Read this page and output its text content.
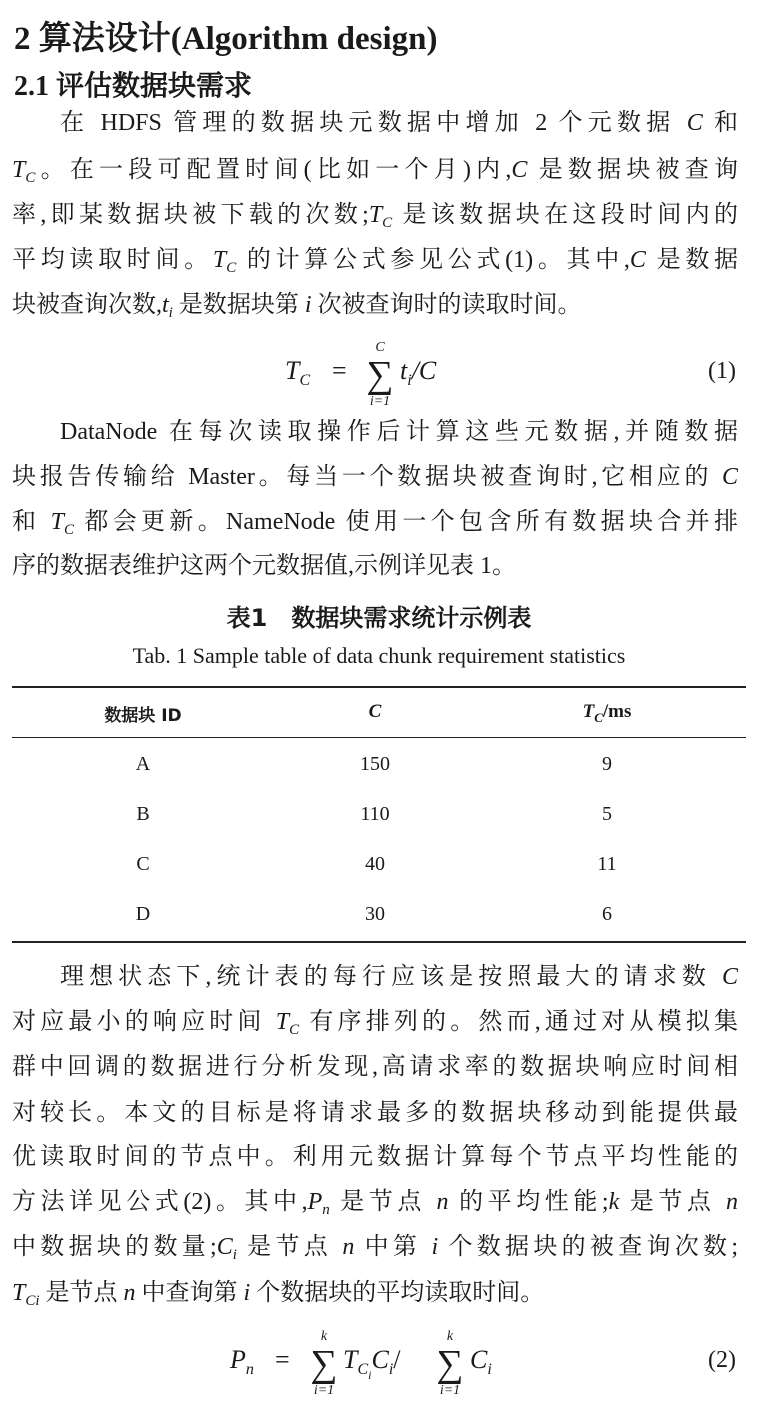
2 算法设计(Algorithm design)
2.1 评估数据块需求
在 HDFS 管理的数据块元数据中增加 2 个元数据 C 和
$T_C$。在一段可配置时间(比如一个月)内,C 是数据块被查询
率,即某数据块被下载的次数$;T_C$ 是该数据块在这段时间内的
平均读取时间。$T_C$ 的计算公式参见公式(1)。其中,C 是数据
块被查询次数$,t_i$ 是数据块第 i 次被查询时的读取时间。
$T_C$ =
C
∑
i=1
$t_i/C$	(1)
DataNode 在每次读取操作后计算这些元数据,并随数据
块报告传输给 Master。每当一个数据块被查询时,它相应的 C
和 $T_C$ 都会更新。NameNode 使用一个包含所有数据块合并排
序的数据表维护这两个元数据值,示例详见表 1。
表1　数据块需求统计示例表
Tab. 1 Sample table of data chunk requirement statistics
数据块 ID	C	$T_C/ms$
A	150	9
B	110	5
C	40	11
D	30	6
理想状态下,统计表的每行应该是按照最大的请求数 C
对应最小的响应时间 $T_C$ 有序排列的。然而,通过对从模拟集
群中回调的数据进行分析发现,高请求率的数据块响应时间相
对较长。本文的目标是将请求最多的数据块移动到能提供最
优读取时间的节点中。利用元数据计算每个节点平均性能的
方法详见公式(2)。其中$,P_n$ 是节点 n 的平均性能;k 是节点 n
中数据块的数量$;C_i$ 是节点 n 中第 i 个数据块的被查询次数;
$T_{Ci}$ 是节点 n 中查询第 i 个数据块的平均读取时间。
$P_n$ =
k
∑
i=1
$T_{C_i}C_i/$
k
∑
i=1
$C_i$	(2)
